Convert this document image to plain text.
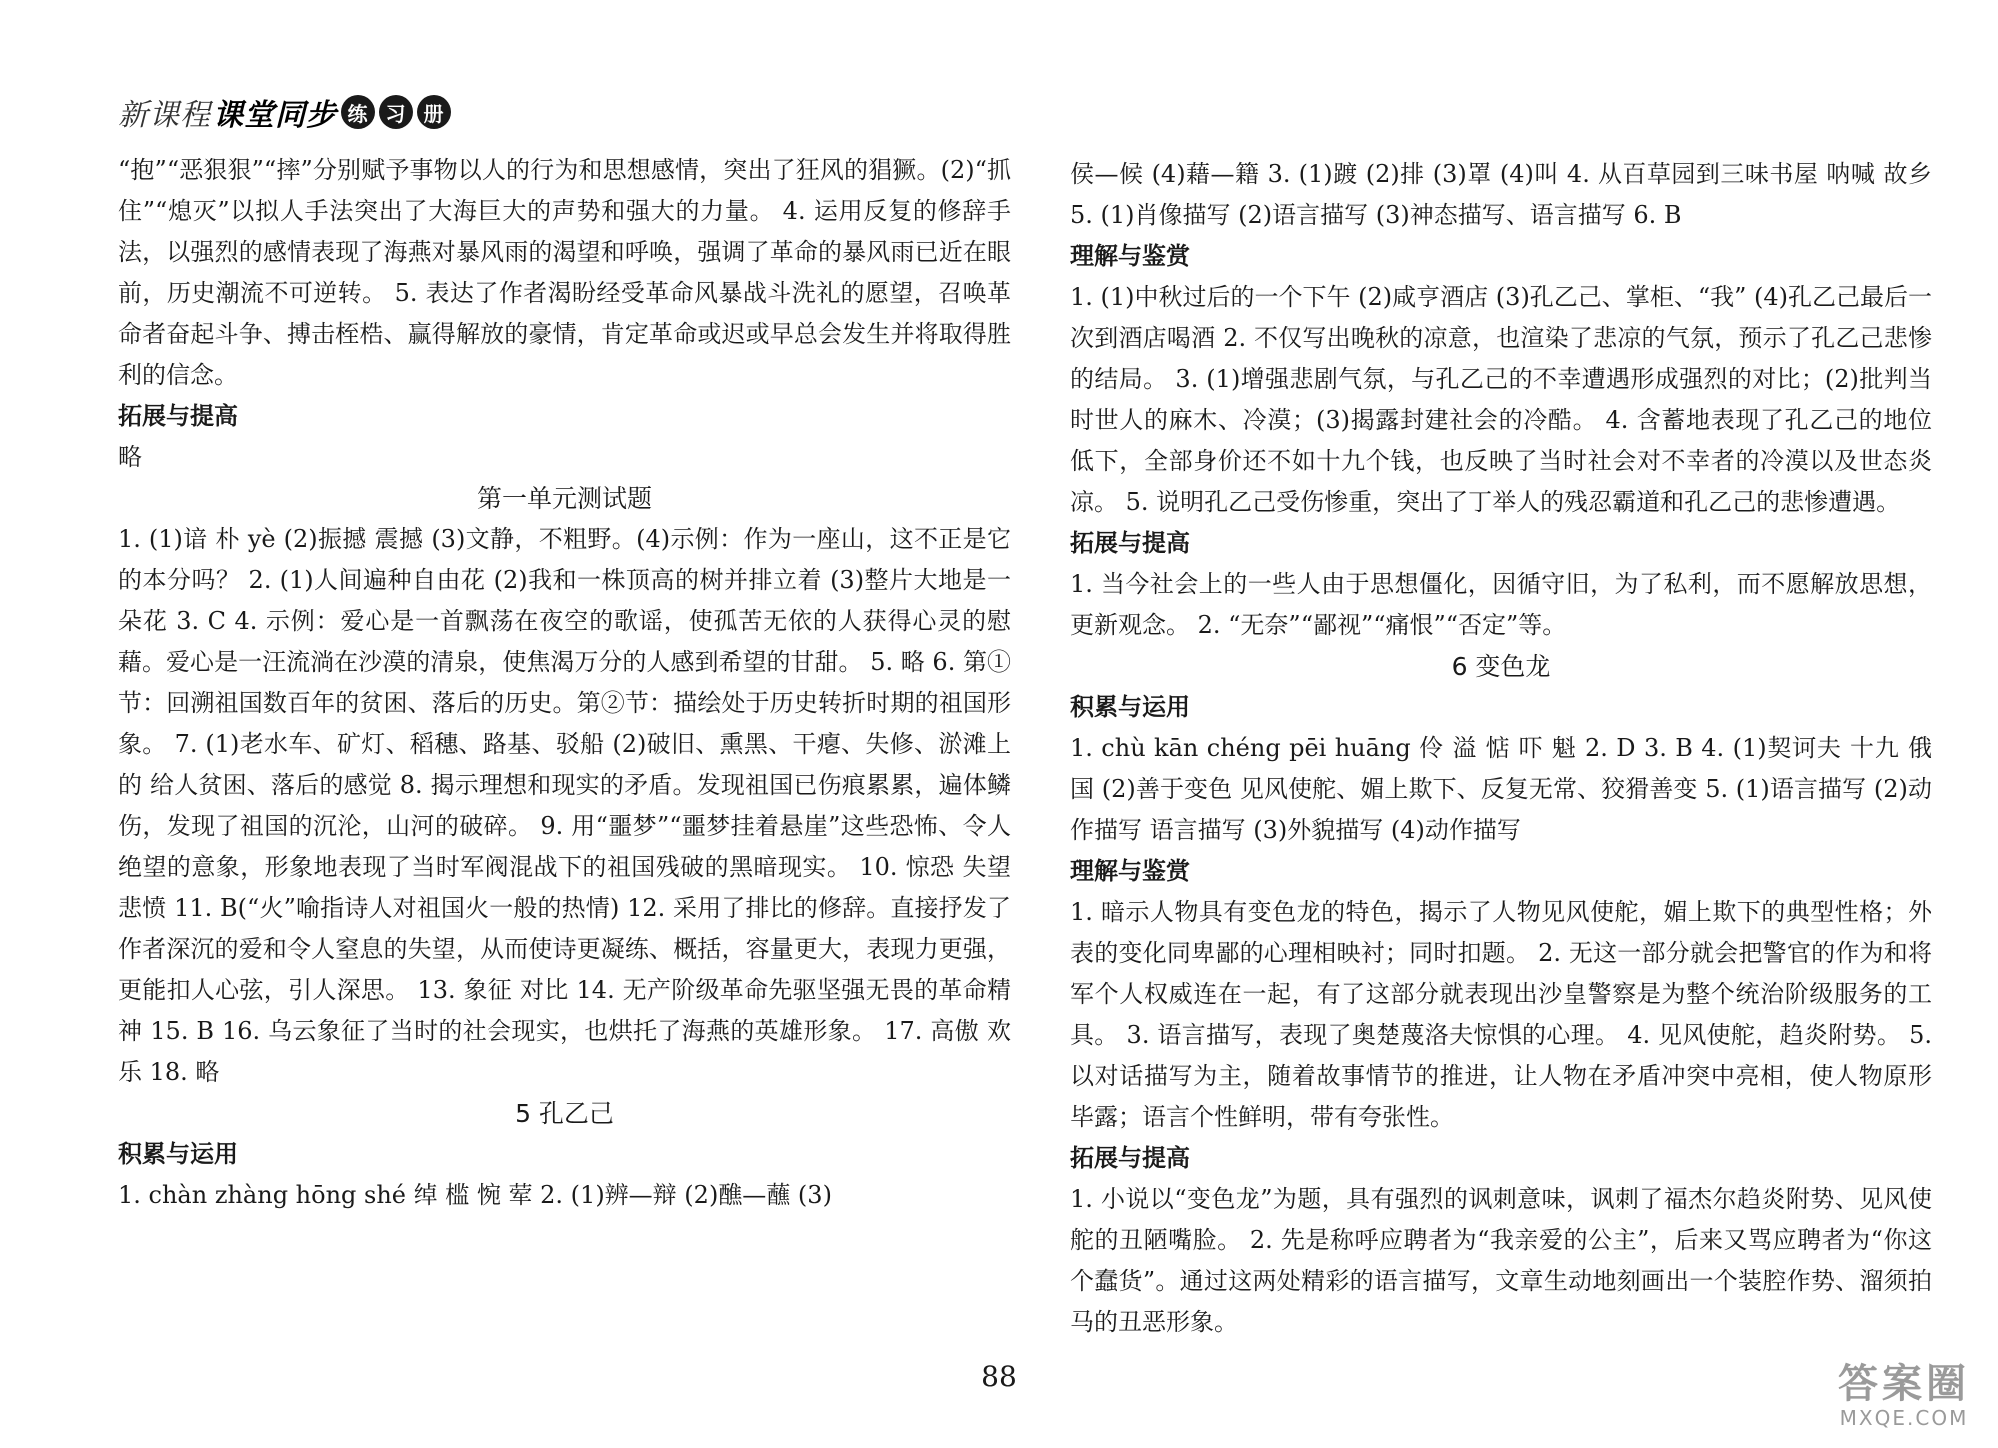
新课程 课堂同步 练 习 册

“抱”“恶狠狠”“摔”分别赋予事物以人的行为和思想感情，突出了狂风的猖獗。(2)“抓住”“熄灭”以拟人手法突出了大海巨大的声势和强大的力量。 4. 运用反复的修辞手法，以强烈的感情表现了海燕对暴风雨的渴望和呼唤，强调了革命的暴风雨已近在眼前，历史潮流不可逆转。 5. 表达了作者渴盼经受革命风暴战斗洗礼的愿望，召唤革命者奋起斗争、搏击桎梏、赢得解放的豪情，肯定革命或迟或早总会发生并将取得胜利的信念。

拓展与提高

略

第一单元测试题

1. (1)谙 朴 yè (2)振撼 震撼 (3)文静，不粗野。(4)示例：作为一座山，这不正是它的本分吗？ 2. (1)人间遍种自由花 (2)我和一株顶高的树并排立着 (3)整片大地是一朵花 3. C 4. 示例：爱心是一首飘荡在夜空的歌谣，使孤苦无依的人获得心灵的慰藉。爱心是一汪流淌在沙漠的清泉，使焦渴万分的人感到希望的甘甜。 5. 略 6. 第①节：回溯祖国数百年的贫困、落后的历史。第②节：描绘处于历史转折时期的祖国形象。 7. (1)老水车、矿灯、稻穗、路基、驳船 (2)破旧、熏黑、干瘪、失修、淤滩上的 给人贫困、落后的感觉 8. 揭示理想和现实的矛盾。发现祖国已伤痕累累，遍体鳞伤，发现了祖国的沉沦，山河的破碎。 9. 用“噩梦”“噩梦挂着悬崖”这些恐怖、令人绝望的意象，形象地表现了当时军阀混战下的祖国残破的黑暗现实。 10. 惊恐 失望 悲愤 11. B(“火”喻指诗人对祖国火一般的热情) 12. 采用了排比的修辞。直接抒发了作者深沉的爱和令人窒息的失望，从而使诗更凝练、概括，容量更大，表现力更强，更能扣人心弦，引人深思。 13. 象征 对比 14. 无产阶级革命先驱坚强无畏的革命精神 15. B 16. 乌云象征了当时的社会现实，也烘托了海燕的英雄形象。 17. 高傲 欢乐 18. 略

5 孔乙己

积累与运用

1. chàn zhàng hōng shé 绰 槛 惋 荤 2. (1)辨—辩 (2)醮—蘸 (3)

侯—候 (4)藉—籍 3. (1)踱 (2)排 (3)罩 (4)叫 4. 从百草园到三味书屋 呐喊 故乡 5. (1)肖像描写 (2)语言描写 (3)神态描写、语言描写 6. B

理解与鉴赏

1. (1)中秋过后的一个下午 (2)咸亨酒店 (3)孔乙己、掌柜、“我” (4)孔乙己最后一次到酒店喝酒 2. 不仅写出晚秋的凉意，也渲染了悲凉的气氛，预示了孔乙己悲惨的结局。 3. (1)增强悲剧气氛，与孔乙己的不幸遭遇形成强烈的对比；(2)批判当时世人的麻木、冷漠；(3)揭露封建社会的冷酷。 4. 含蓄地表现了孔乙己的地位低下，全部身价还不如十九个钱，也反映了当时社会对不幸者的冷漠以及世态炎凉。 5. 说明孔乙己受伤惨重，突出了丁举人的残忍霸道和孔乙己的悲惨遭遇。

拓展与提高

1. 当今社会上的一些人由于思想僵化，因循守旧，为了私利，而不愿解放思想，更新观念。 2. “无奈”“鄙视”“痛恨”“否定”等。

6 变色龙

积累与运用

1. chù kān chéng pēi huāng 伶 溢 惦 吓 魁 2. D 3. B 4. (1)契诃夫 十九 俄国 (2)善于变色 见风使舵、媚上欺下、反复无常、狡猾善变 5. (1)语言描写 (2)动作描写 语言描写 (3)外貌描写 (4)动作描写

理解与鉴赏

1. 暗示人物具有变色龙的特色，揭示了人物见风使舵，媚上欺下的典型性格；外表的变化同卑鄙的心理相映衬；同时扣题。 2. 无这一部分就会把警官的作为和将军个人权威连在一起，有了这部分就表现出沙皇警察是为整个统治阶级服务的工具。 3. 语言描写，表现了奥楚蔑洛夫惊惧的心理。 4. 见风使舵，趋炎附势。 5. 以对话描写为主，随着故事情节的推进，让人物在矛盾冲突中亮相，使人物原形毕露；语言个性鲜明，带有夸张性。

拓展与提高

1. 小说以“变色龙”为题，具有强烈的讽刺意味，讽刺了福杰尔趋炎附势、见风使舵的丑陋嘴脸。 2. 先是称呼应聘者为“我亲爱的公主”，后来又骂应聘者为“你这个蠢货”。通过这两处精彩的语言描写，文章生动地刻画出一个装腔作势、溜须拍马的丑恶形象。

88	答案圈
MXQE.COM
